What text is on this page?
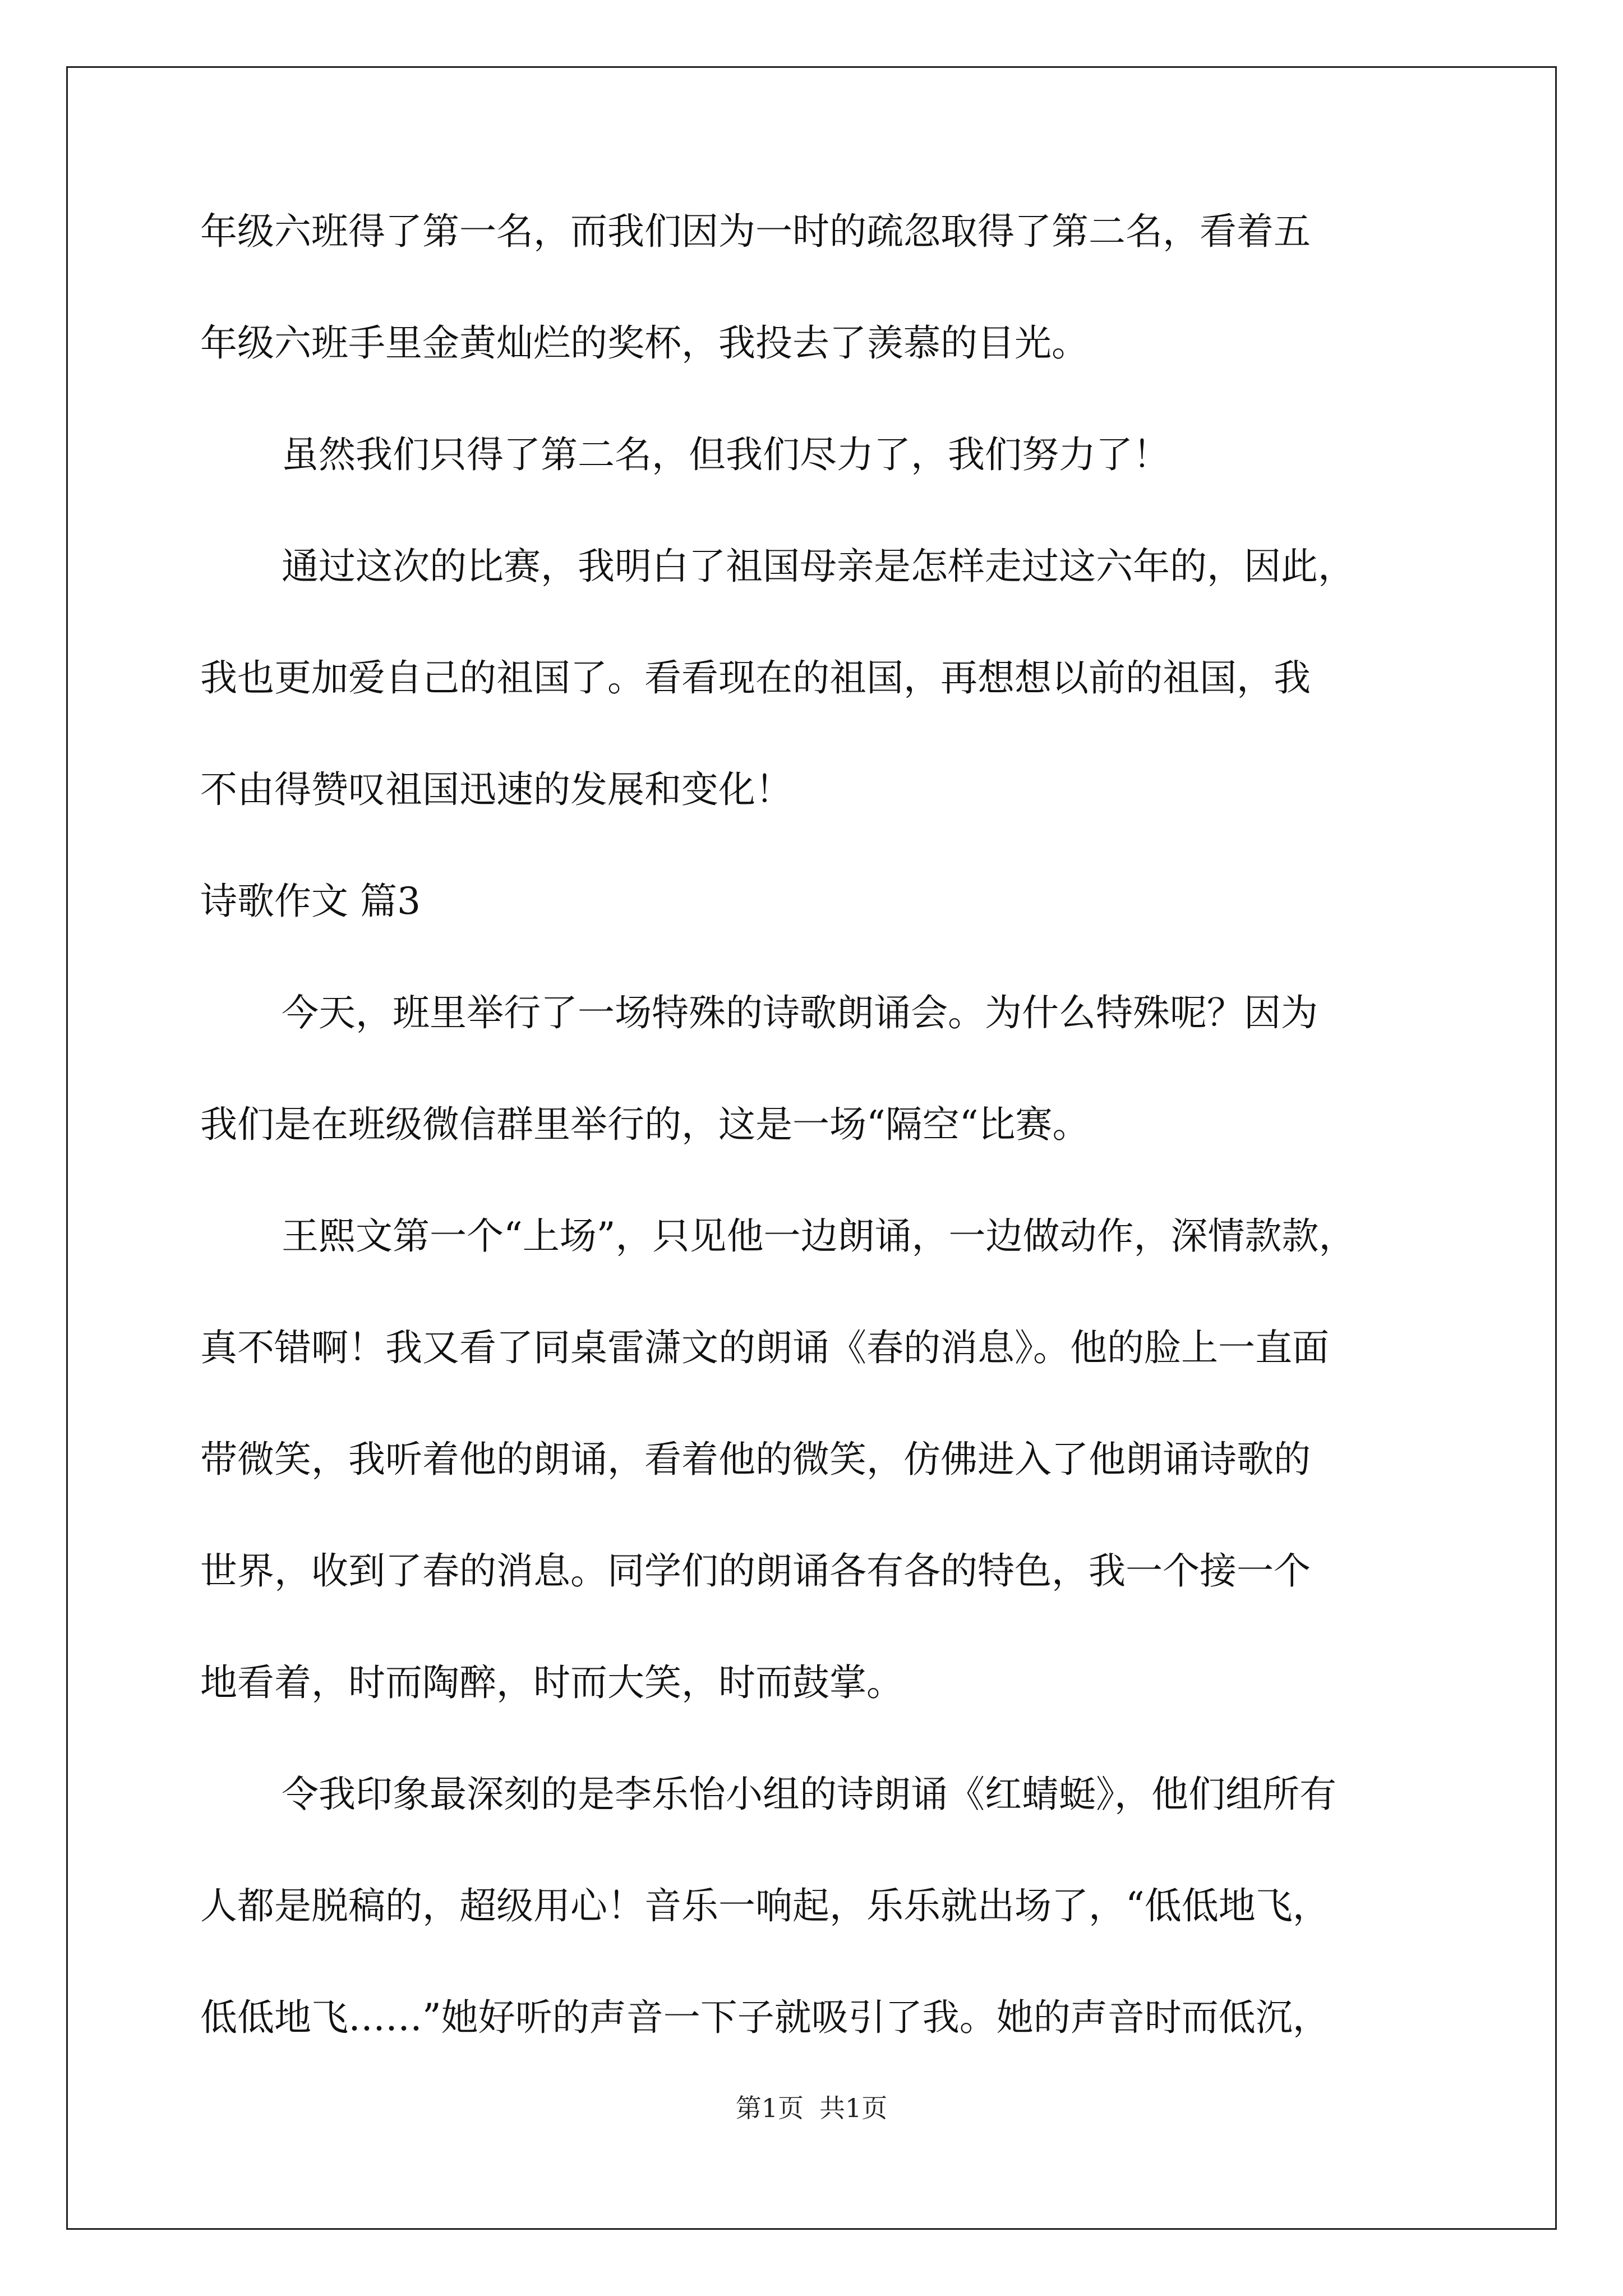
年级六班得了第一名，而我们因为一时的疏忽取得了第二名，看着五
年级六班手里金黄灿烂的奖杯，我投去了羡慕的目光。
虽然我们只得了第二名，但我们尽力了，我们努力了！
通过这次的比赛，我明白了祖国母亲是怎样走过这六年的，因此，
我也更加爱自己的祖国了。看看现在的祖国，再想想以前的祖国，我
不由得赞叹祖国迅速的发展和变化！
诗歌作文 篇3
今天，班里举行了一场特殊的诗歌朗诵会。为什么特殊呢？因为
我们是在班级微信群里举行的，这是一场“隔空“比赛。
王熙文第一个“上场”，只见他一边朗诵，一边做动作，深情款款，
真不错啊！我又看了同桌雷潇文的朗诵《春的消息》。他的脸上一直面
带微笑，我听着他的朗诵，看着他的微笑，仿佛进入了他朗诵诗歌的
世界，收到了春的消息。同学们的朗诵各有各的特色，我一个接一个
地看着，时而陶醉，时而大笑，时而鼓掌。
令我印象最深刻的是李乐怡小组的诗朗诵《红蜻蜓》，他们组所有
人都是脱稿的，超级用心！音乐一响起，乐乐就出场了，“低低地飞，
低低地飞……”她好听的声音一下子就吸引了我。她的声音时而低沉，
第1页 共1页
